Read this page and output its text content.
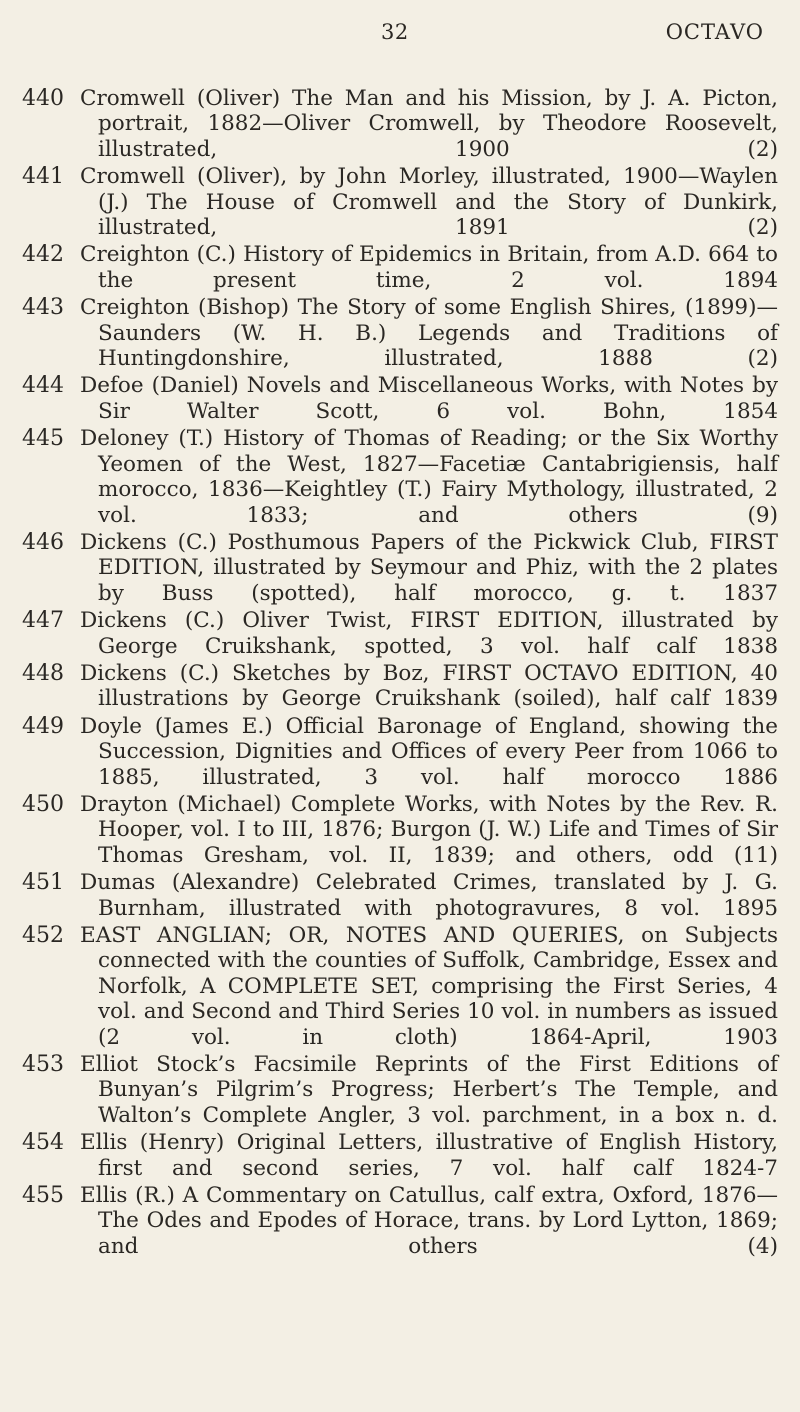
32	OCTAVO
440 Cromwell (Oliver) The Man and his Mission, by J. A. Picton, portrait, 1882—Oliver Cromwell, by Theodore Roosevelt, illustrated, 1900 (2)
441 Cromwell (Oliver), by John Morley, illustrated, 1900—Waylen (J.) The House of Cromwell and the Story of Dunkirk, illustrated, 1891 (2)
442 Creighton (C.) History of Epidemics in Britain, from A.D. 664 to the present time, 2 vol. 1894
443 Creighton (Bishop) The Story of some English Shires, (1899)—Saunders (W. H. B.) Legends and Traditions of Huntingdonshire, illustrated, 1888 (2)
444 Defoe (Daniel) Novels and Miscellaneous Works, with Notes by Sir Walter Scott, 6 vol. Bohn, 1854
445 Deloney (T.) History of Thomas of Reading; or the Six Worthy Yeomen of the West, 1827—Facetiæ Cantabrigiensis, half morocco, 1836—Keightley (T.) Fairy Mythology, illustrated, 2 vol. 1833; and others (9)
446 Dickens (C.) Posthumous Papers of the Pickwick Club, FIRST EDITION, illustrated by Seymour and Phiz, with the 2 plates by Buss (spotted), half morocco, g. t. 1837
447 Dickens (C.) Oliver Twist, FIRST EDITION, illustrated by George Cruikshank, spotted, 3 vol. half calf 1838
448 Dickens (C.) Sketches by Boz, FIRST OCTAVO EDITION, 40 illustrations by George Cruikshank (soiled), half calf 1839
449 Doyle (James E.) Official Baronage of England, showing the Succession, Dignities and Offices of every Peer from 1066 to 1885, illustrated, 3 vol. half morocco 1886
450 Drayton (Michael) Complete Works, with Notes by the Rev. R. Hooper, vol. I to III, 1876; Burgon (J. W.) Life and Times of Sir Thomas Gresham, vol. II, 1839; and others, odd (11)
451 Dumas (Alexandre) Celebrated Crimes, translated by J. G. Burnham, illustrated with photogravures, 8 vol. 1895
452 EAST ANGLIAN; OR, NOTES AND QUERIES, on Subjects connected with the counties of Suffolk, Cambridge, Essex and Norfolk, A COMPLETE SET, comprising the First Series, 4 vol. and Second and Third Series 10 vol. in numbers as issued (2 vol. in cloth) 1864-April, 1903
453 Elliot Stock’s Facsimile Reprints of the First Editions of Bunyan’s Pilgrim’s Progress; Herbert’s The Temple, and Walton’s Complete Angler, 3 vol. parchment, in a box n. d.
454 Ellis (Henry) Original Letters, illustrative of English History, first and second series, 7 vol. half calf 1824-7
455 Ellis (R.) A Commentary on Catullus, calf extra, Oxford, 1876—The Odes and Epodes of Horace, trans. by Lord Lytton, 1869; and others (4)
